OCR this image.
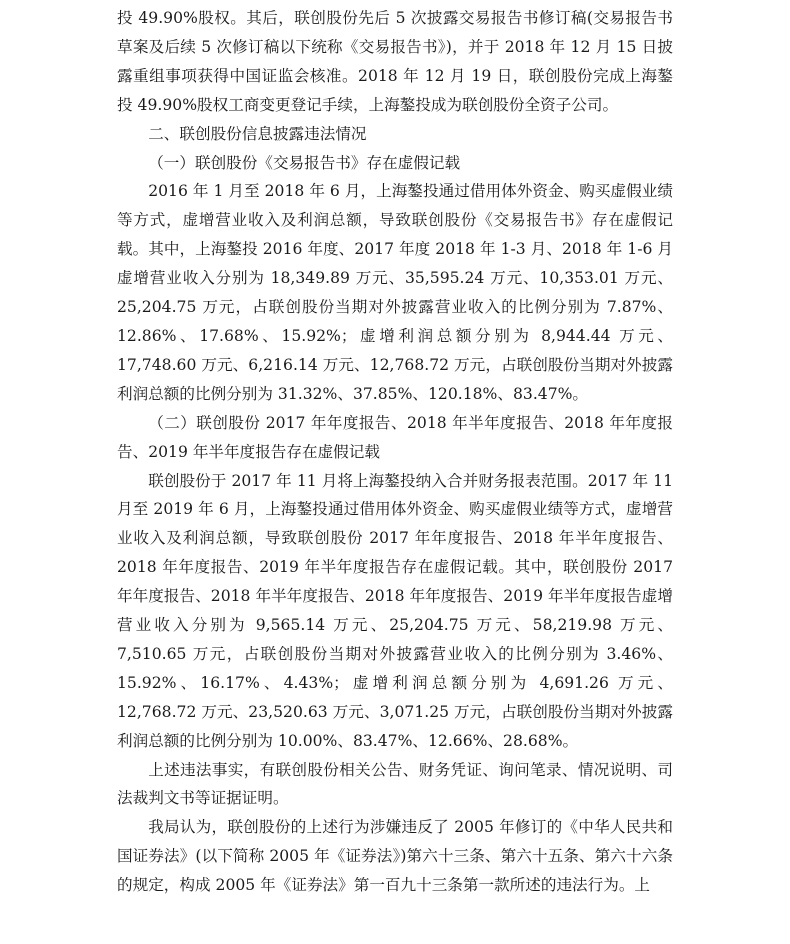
投 49.90%股权。其后，联创股份先后 5 次披露交易报告书修订稿(交易报告书草案及后续 5 次修订稿以下统称《交易报告书》)，并于 2018 年 12 月 15 日披露重组事项获得中国证监会核准。2018 年 12 月 19 日，联创股份完成上海鏊投 49.90%股权工商变更登记手续，上海鏊投成为联创股份全资子公司。

二、联创股份信息披露违法情况

（一）联创股份《交易报告书》存在虚假记载

2016 年 1 月至 2018 年 6 月，上海鏊投通过借用体外资金、购买虚假业绩等方式，虚增营业收入及利润总额，导致联创股份《交易报告书》存在虚假记载。其中，上海鏊投 2016 年度、2017 年度 2018 年 1-3 月、2018 年 1-6 月虚增营业收入分别为 18,349.89 万元、35,595.24 万元、10,353.01 万元、25,204.75 万元，占联创股份当期对外披露营业收入的比例分别为 7.87%、12.86%、17.68%、15.92%；虚增利润总额分别为 8,944.44 万元、17,748.60 万元、6,216.14 万元、12,768.72 万元，占联创股份当期对外披露利润总额的比例分别为 31.32%、37.85%、120.18%、83.47%。

（二）联创股份 2017 年年度报告、2018 年半年度报告、2018 年年度报告、2019 年半年度报告存在虚假记载

联创股份于 2017 年 11 月将上海鏊投纳入合并财务报表范围。2017 年 11 月至 2019 年 6 月，上海鏊投通过借用体外资金、购买虚假业绩等方式，虚增营业收入及利润总额，导致联创股份 2017 年年度报告、2018 年半年度报告、2018 年年度报告、2019 年半年度报告存在虚假记载。其中，联创股份 2017 年年度报告、2018 年半年度报告、2018 年年度报告、2019 年半年度报告虚增营业收入分别为 9,565.14 万元、25,204.75 万元、58,219.98 万元、7,510.65 万元，占联创股份当期对外披露营业收入的比例分别为 3.46%、15.92%、16.17%、4.43%；虚增利润总额分别为 4,691.26 万元、12,768.72 万元、23,520.63 万元、3,071.25 万元，占联创股份当期对外披露利润总额的比例分别为 10.00%、83.47%、12.66%、28.68%。

上述违法事实，有联创股份相关公告、财务凭证、询问笔录、情况说明、司法裁判文书等证据证明。

我局认为，联创股份的上述行为涉嫌违反了 2005 年修订的《中华人民共和国证券法》(以下简称 2005 年《证券法》)第六十三条、第六十五条、第六十六条的规定，构成 2005 年《证券法》第一百九十三条第一款所述的违法行为。上
